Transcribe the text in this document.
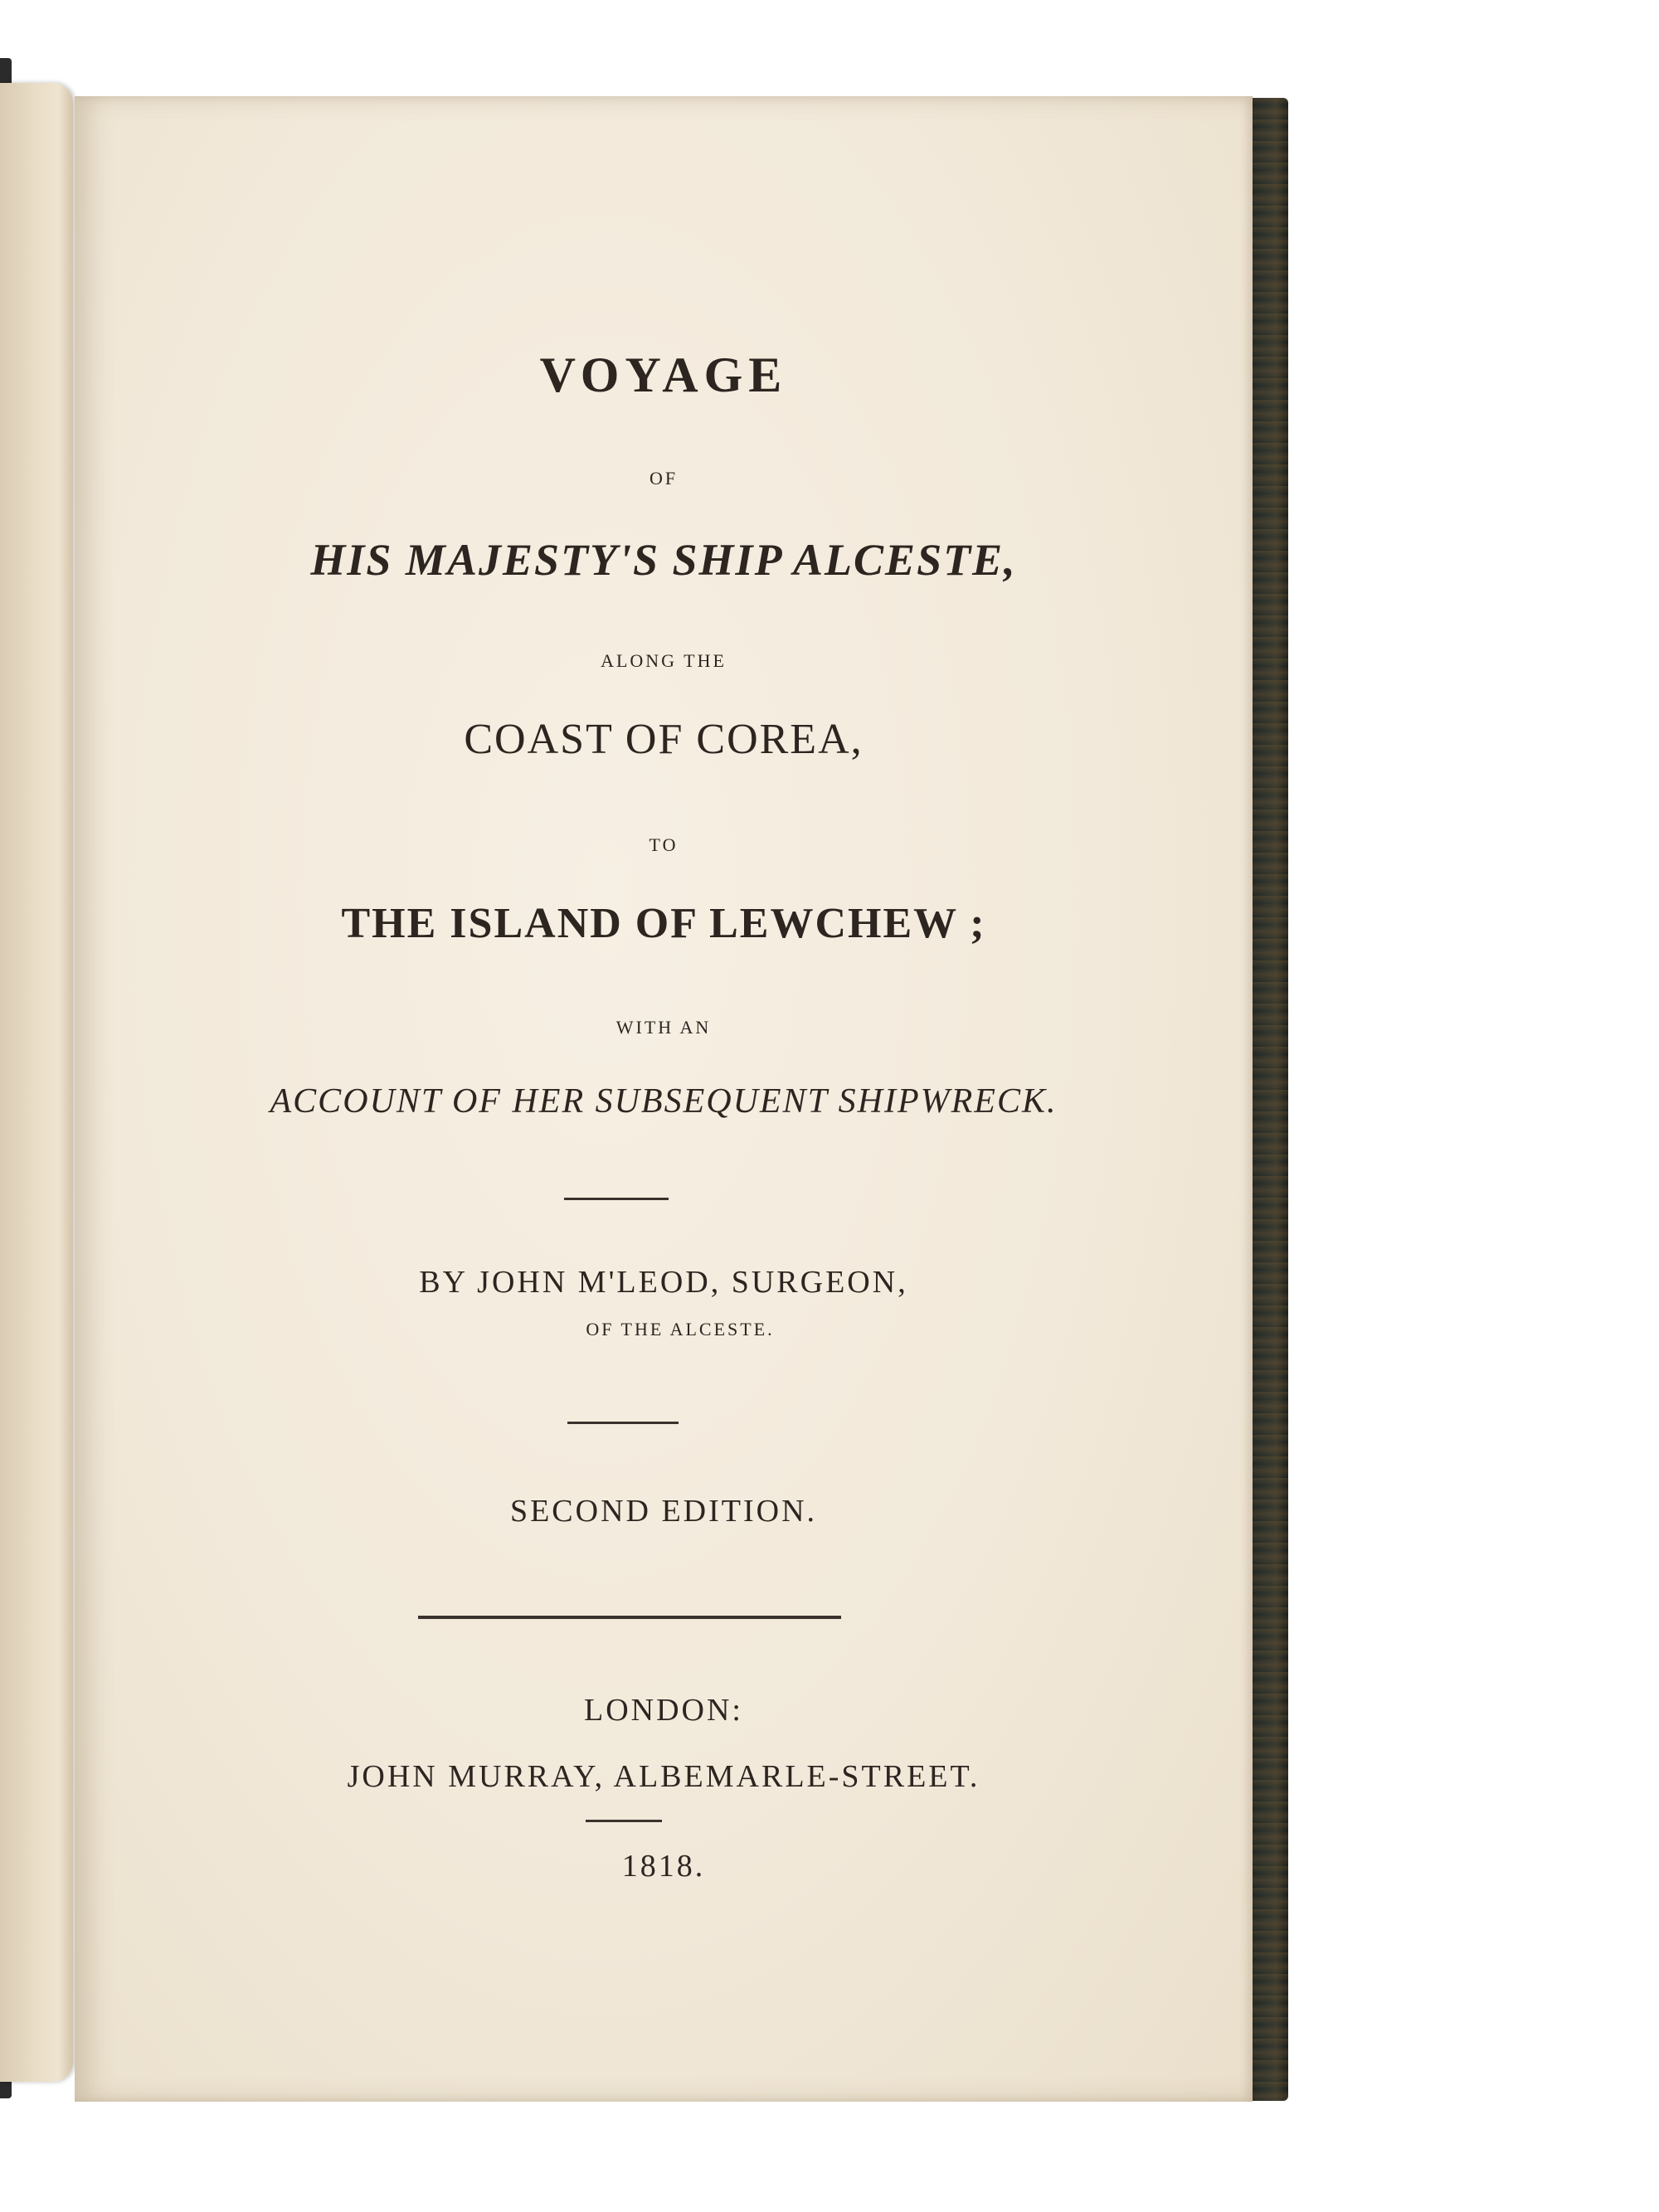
VOYAGE
OF
HIS MAJESTY'S SHIP ALCESTE,
ALONG THE
COAST OF COREA,
TO
THE ISLAND OF LEWCHEW ;
WITH AN
ACCOUNT OF HER SUBSEQUENT SHIPWRECK.
BY JOHN M'LEOD, SURGEON,
OF THE ALCESTE.
SECOND EDITION.
LONDON:
JOHN MURRAY, ALBEMARLE-STREET.
1818.
